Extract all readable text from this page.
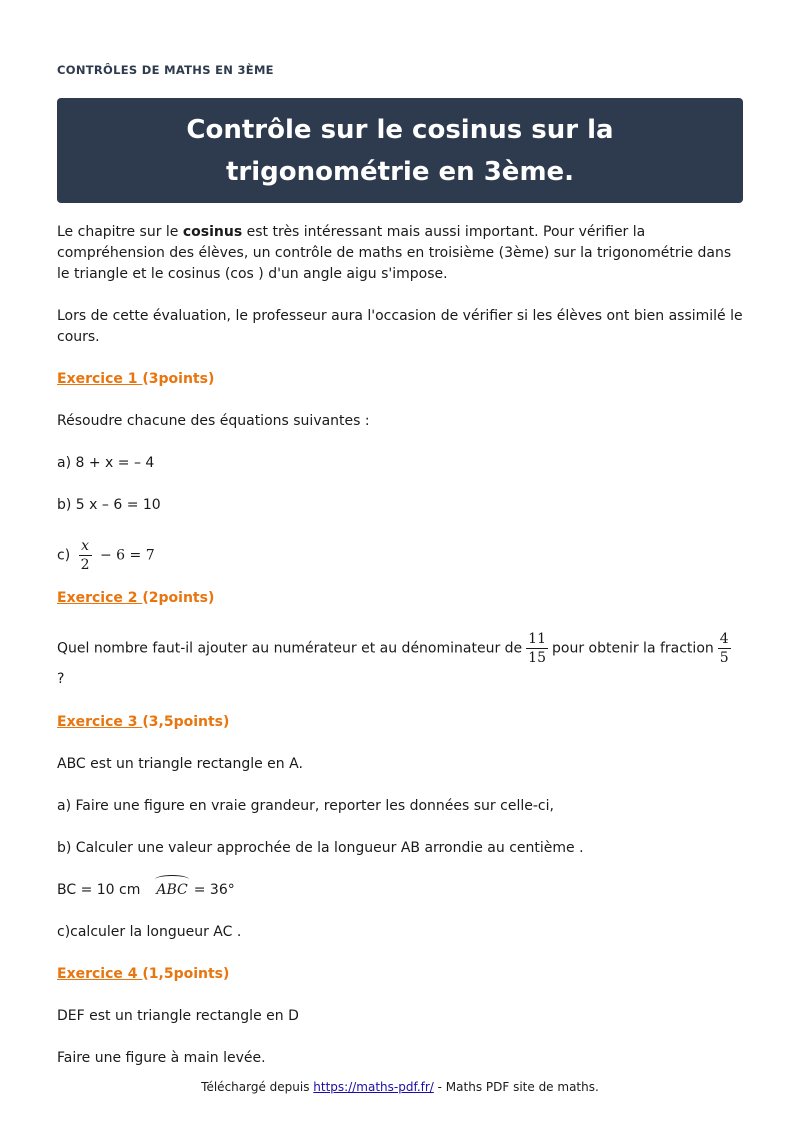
CONTRÔLES DE MATHS EN 3ÈME
Contrôle sur le cosinus sur la trigonométrie en 3ème.

Le chapitre sur le cosinus est très intéressant mais aussi important. Pour vérifier la compréhension des élèves, un contrôle de maths en troisième (3ème) sur la trigonométrie dans le triangle et le cosinus (cos ) d'un angle aigu s'impose.

Lors de cette évaluation, le professeur aura l'occasion de vérifier si les élèves ont bien assimilé le cours.

Exercice 1 (3points)

Résoudre chacune des équations suivantes :

a) 8 + x = – 4

b) 5 x – 6 = 10

$c) \frac{x}{2} - 6 = 7$

Exercice 2 (2points)

Quel nombre faut-il ajouter au numérateur et au dénominateur de $\frac{11}{15}$ pour obtenir la fraction $\frac{4}{5}$

?

Exercice 3 (3,5points)

ABC est un triangle rectangle en A.

a) Faire une figure en vraie grandeur, reporter les données sur celle-ci,

b) Calculer une valeur approchée de la longueur AB arrondie au centième .

BC = 10 cm ABC = 36°

c)calculer la longueur AC .

Exercice 4 (1,5points)

DEF est un triangle rectangle en D

Faire une figure à main levée.

Téléchargé depuis https://maths-pdf.fr/ - Maths PDF site de maths.
